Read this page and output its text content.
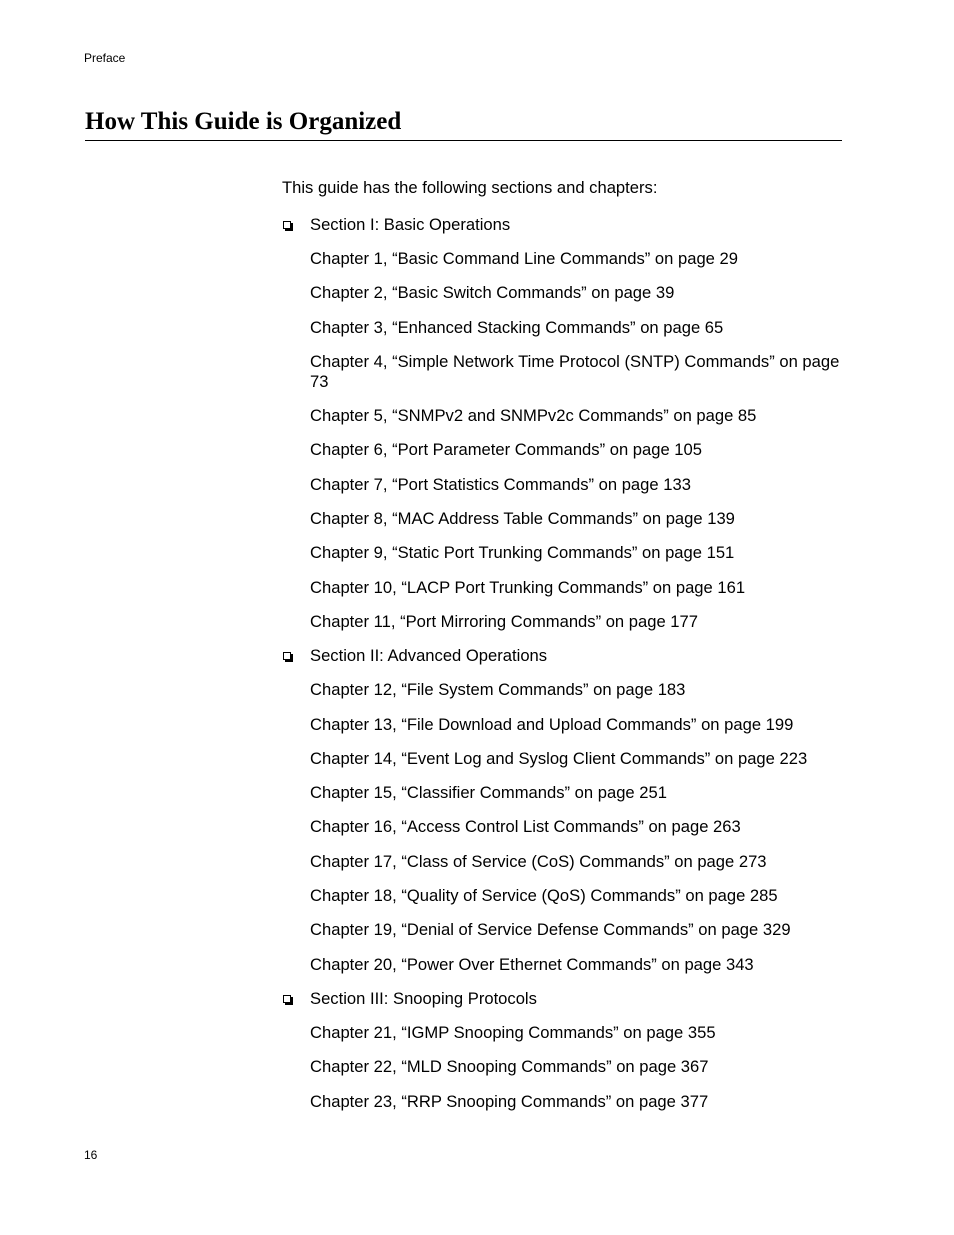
Preface
How This Guide is Organized

This guide has the following sections and chapters:

Section I: Basic Operations
Chapter 1, “Basic Command Line Commands” on page 29
Chapter 2, “Basic Switch Commands” on page 39
Chapter 3, “Enhanced Stacking Commands” on page 65
Chapter 4, “Simple Network Time Protocol (SNTP) Commands” on page 73
Chapter 5, “SNMPv2 and SNMPv2c Commands” on page 85
Chapter 6, “Port Parameter Commands” on page 105
Chapter 7, “Port Statistics Commands” on page 133
Chapter 8, “MAC Address Table Commands” on page 139
Chapter 9, “Static Port Trunking Commands” on page 151
Chapter 10, “LACP Port Trunking Commands” on page 161
Chapter 11, “Port Mirroring Commands” on page 177
Section II: Advanced Operations
Chapter 12, “File System Commands” on page 183
Chapter 13, “File Download and Upload Commands” on page 199
Chapter 14, “Event Log and Syslog Client Commands” on page 223
Chapter 15, “Classifier Commands” on page 251
Chapter 16, “Access Control List Commands” on page 263
Chapter 17, “Class of Service (CoS) Commands” on page 273
Chapter 18, “Quality of Service (QoS) Commands” on page 285
Chapter 19, “Denial of Service Defense Commands” on page 329
Chapter 20, “Power Over Ethernet Commands” on page 343
Section III: Snooping Protocols
Chapter 21, “IGMP Snooping Commands” on page 355
Chapter 22, “MLD Snooping Commands” on page 367
Chapter 23, “RRP Snooping Commands” on page 377
16
